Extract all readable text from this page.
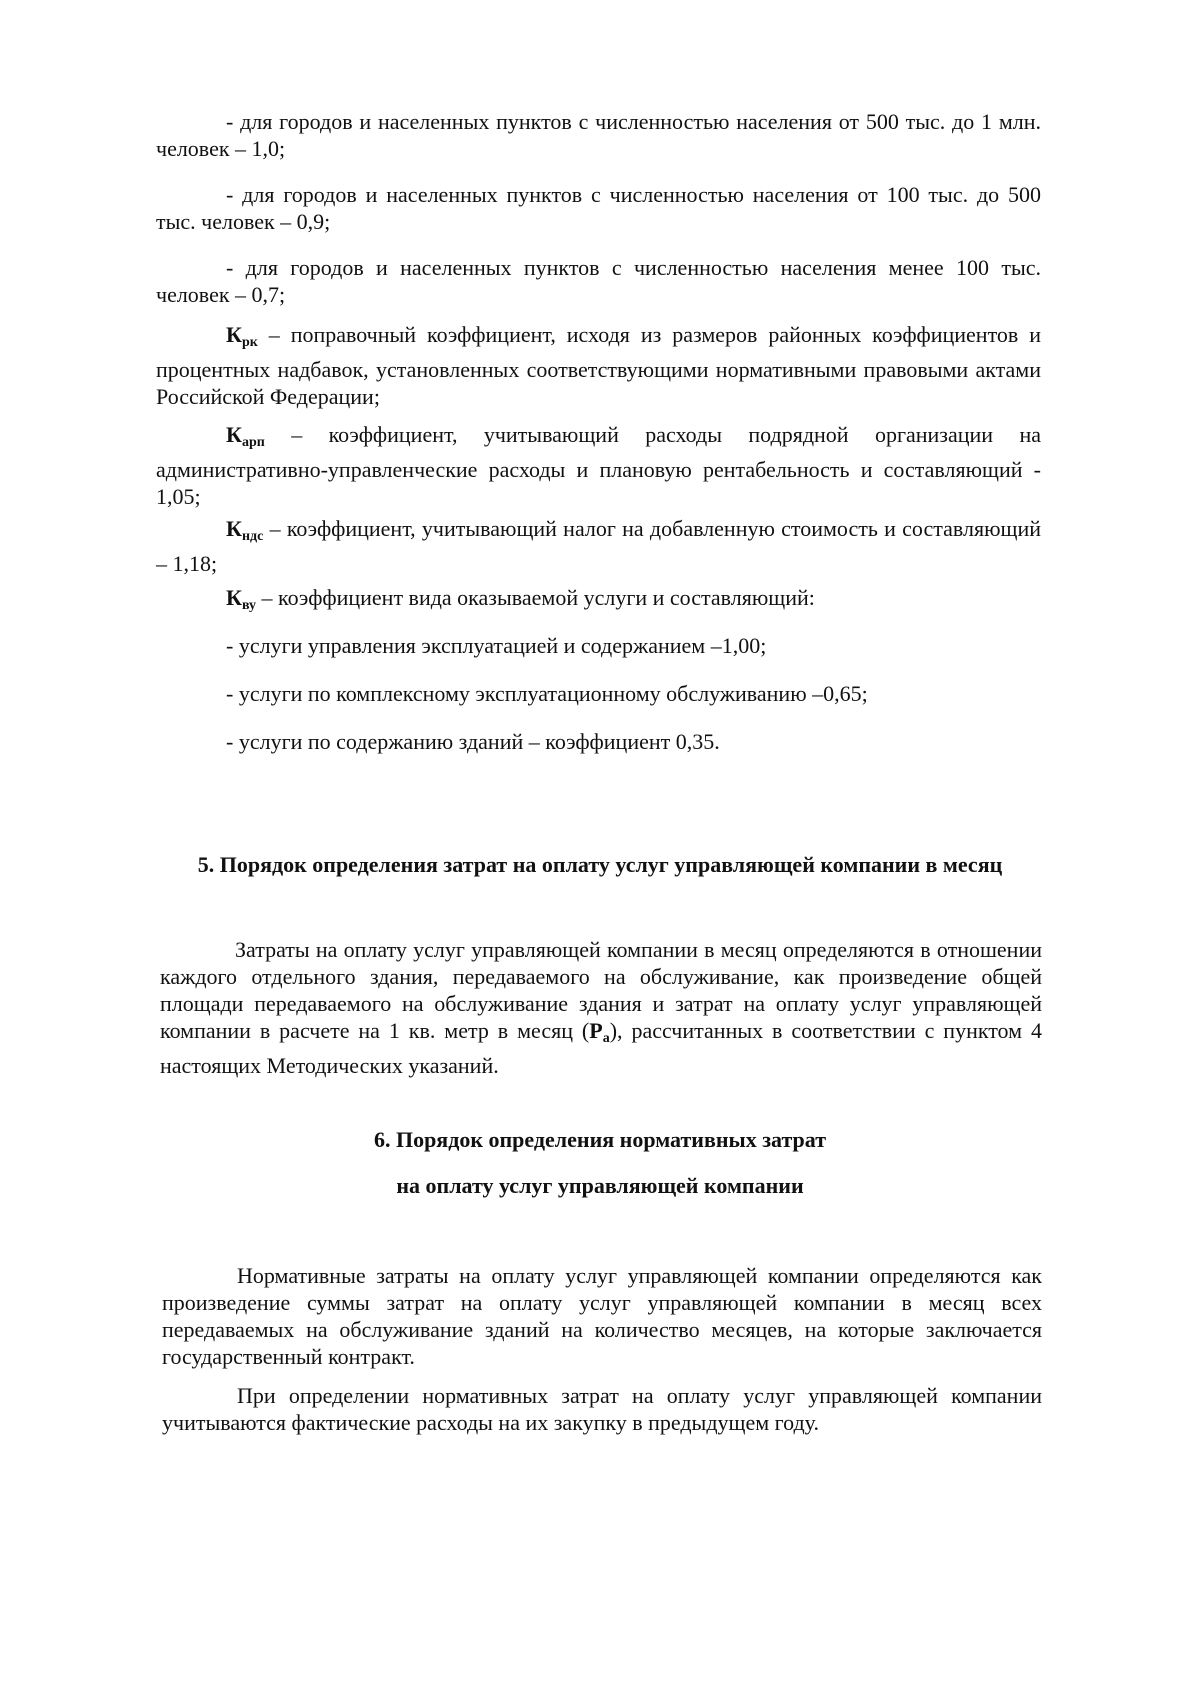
- для городов и населенных пунктов с численностью населения от 500 тыс. до 1 млн. человек – 1,0;

- для городов и населенных пунктов с численностью населения от 100 тыс. до 500 тыс. человек – 0,9;

- для городов и населенных пунктов с численностью населения менее 100 тыс. человек – 0,7;

$К_{рк}$ – поправочный коэффициент, исходя из размеров районных коэффициентов и процентных надбавок, установленных соответствующими нормативными правовыми актами Российской Федерации;

$К_{арп}$ – коэффициент, учитывающий расходы подрядной организации на административно-управленческие расходы и плановую рентабельность и составляющий - 1,05;

$К_{ндс}$ – коэффициент, учитывающий налог на добавленную стоимость и составляющий – 1,18;

$К_{ву}$ – коэффициент вида оказываемой услуги и составляющий:

- услуги управления эксплуатацией и содержанием –1,00;

- услуги по комплексному эксплуатационному обслуживанию –0,65;

- услуги по содержанию зданий – коэффициент 0,35.

5. Порядок определения затрат на оплату услуг управляющей компании в месяц

Затраты на оплату услуг управляющей компании в месяц определяются в отношении каждого отдельного здания, передаваемого на обслуживание, как произведение общей площади передаваемого на обслуживание здания и затрат на оплату услуг управляющей компании в расчете на 1 кв. метр в месяц $(Р_а)$, рассчитанных в соответствии с пунктом 4 настоящих Методических указаний.

6. Порядок определения нормативных затрат

на оплату услуг управляющей компании

Нормативные затраты на оплату услуг управляющей компании определяются как произведение суммы затрат на оплату услуг управляющей компании в месяц всех передаваемых на обслуживание зданий на количество месяцев, на которые заключается государственный контракт.

При определении нормативных затрат на оплату услуг управляющей компании учитываются фактические расходы на их закупку в предыдущем году.
